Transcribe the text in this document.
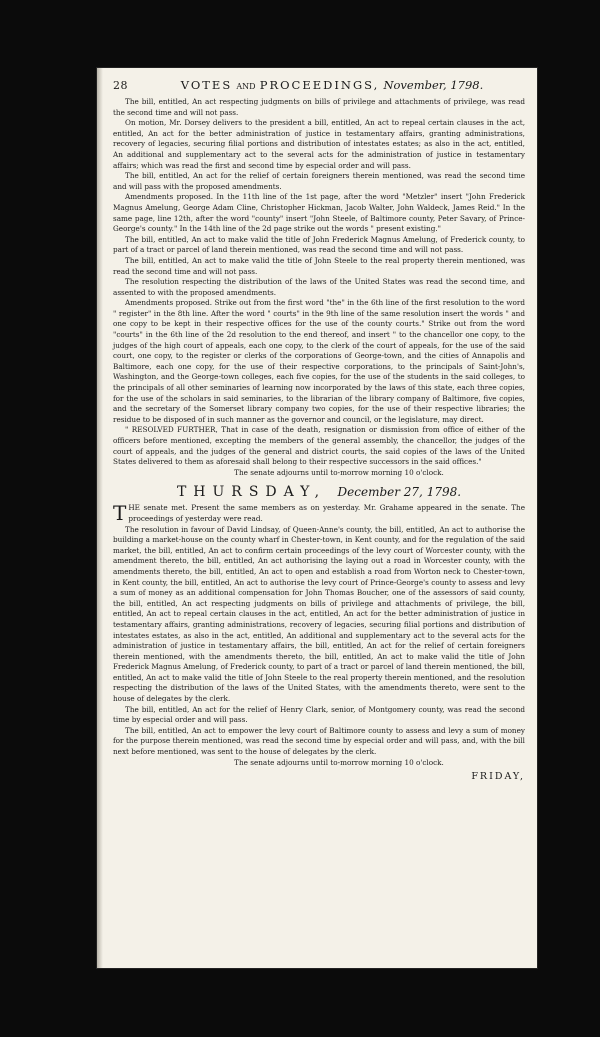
28	VOTES AND PROCEEDINGS, November, 1798.

The bill, entitled, An act respecting judgments on bills of privilege and attachments of privilege, was read the second time and will not pass.

On motion, Mr. Dorsey delivers to the president a bill, entitled, An act to repeal certain clauses in the act, entitled, An act for the better administration of justice in testamentary affairs, granting administrations, recovery of legacies, securing filial portions and distribution of intestates estates; as also in the act, entitled, An additional and supplementary act to the several acts for the administration of justice in testamentary affairs; which was read the first and second time by especial order and will pass.

The bill, entitled, An act for the relief of certain foreigners therein mentioned, was read the second time and will pass with the proposed amendments.

Amendments proposed. In the 11th line of the 1st page, after the word "Metzler" insert "John Frederick Magnus Amelung, George Adam Cline, Christopher Hickman, Jacob Walter, John Waldeck, James Reid." In the same page, line 12th, after the word "county" insert "John Steele, of Baltimore county, Peter Savary, of Prince-George's county." In the 14th line of the 2d page strike out the words " present existing."

The bill, entitled, An act to make valid the title of John Frederick Magnus Amelung, of Frederick county, to part of a tract or parcel of land therein mentioned, was read the second time and will not pass.

The bill, entitled, An act to make valid the title of John Steele to the real property therein mentioned, was read the second time and will not pass.

The resolution respecting the distribution of the laws of the United States was read the second time, and assented to with the proposed amendments.

Amendments proposed. Strike out from the first word "the" in the 6th line of the first resolution to the word " register" in the 8th line. After the word " courts" in the 9th line of the same resolution insert the words " and one copy to be kept in their respective offices for the use of the county courts." Strike out from the word "courts" in the 6th line of the 2d resolution to the end thereof, and insert " to the chancellor one copy, to the judges of the high court of appeals, each one copy, to the clerk of the court of appeals, for the use of the said court, one copy, to the register or clerks of the corporations of George-town, and the cities of Annapolis and Baltimore, each one copy, for the use of their respective corporations, to the principals of Saint-John's, Washington, and the George-town colleges, each five copies, for the use of the students in the said colleges, to the principals of all other seminaries of learning now incorporated by the laws of this state, each three copies, for the use of the scholars in said seminaries, to the librarian of the library company of Baltimore, five copies, and the secretary of the Somerset library company two copies, for the use of their respective libraries; the residue to be disposed of in such manner as the governor and council, or the legislature, may direct.

" RESOLVED FURTHER, That in case of the death, resignation or dismission from office of either of the officers before mentioned, excepting the members of the general assembly, the chancellor, the judges of the court of appeals, and the judges of the general and district courts, the said copies of the laws of the United States delivered to them as aforesaid shall belong to their respective successors in the said offices."

The senate adjourns until to-morrow morning 10 o'clock.

THURSDAY, December 27, 1798.

THE senate met. Present the same members as on yesterday. Mr. Grahame appeared in the senate. The proceedings of yesterday were read.

The resolution in favour of David Lindsay, of Queen-Anne's county, the bill, entitled, An act to authorise the building a market-house on the county wharf in Chester-town, in Kent county, and for the regulation of the said market, the bill, entitled, An act to confirm certain proceedings of the levy court of Worcester county, with the amendment thereto, the bill, entitled, An act authorising the laying out a road in Worcester county, with the amendments thereto, the bill, entitled, An act to open and establish a road from Worton neck to Chester-town, in Kent county, the bill, entitled, An act to authorise the levy court of Prince-George's county to assess and levy a sum of money as an additional compensation for John Thomas Boucher, one of the assessors of said county, the bill, entitled, An act respecting judgments on bills of privilege and attachments of privilege, the bill, entitled, An act to repeal certain clauses in the act, entitled, An act for the better administration of justice in testamentary affairs, granting administrations, recovery of legacies, securing filial portions and distribution of intestates estates, as also in the act, entitled, An additional and supplementary act to the several acts for the administration of justice in testamentary affairs, the bill, entitled, An act for the relief of certain foreigners therein mentioned, with the amendments thereto, the bill, entitled, An act to make valid the title of John Frederick Magnus Amelung, of Frederick county, to part of a tract or parcel of land therein mentioned, the bill, entitled, An act to make valid the title of John Steele to the real property therein mentioned, and the resolution respecting the distribution of the laws of the United States, with the amendments thereto, were sent to the house of delegates by the clerk.

The bill, entitled, An act for the relief of Henry Clark, senior, of Montgomery county, was read the second time by especial order and will pass.

The bill, entitled, An act to empower the levy court of Baltimore county to assess and levy a sum of money for the purpose therein mentioned, was read the second time by especial order and will pass, and, with the bill next before mentioned, was sent to the house of delegates by the clerk.

The senate adjourns until to-morrow morning 10 o'clock.

FRIDAY,
